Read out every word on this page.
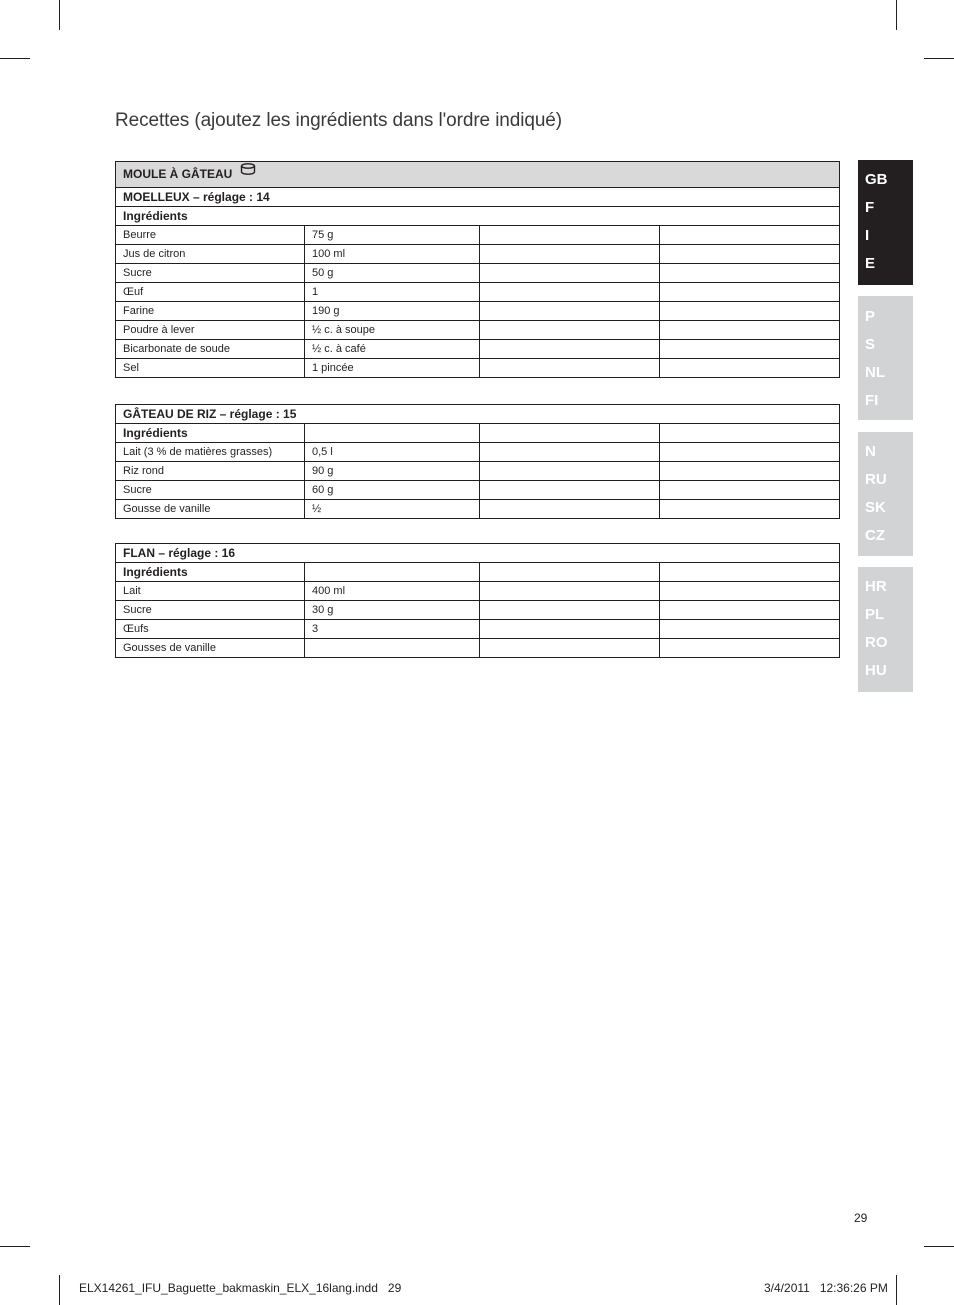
Recettes (ajoutez les ingrédients dans l'ordre indiqué)
MOULE À GÂTEAU			
MOELLEUX – réglage : 14			
Ingrédients			
Beurre	75 g		
Jus de citron	100 ml		
Sucre	50 g		
Œuf	1		
Farine	190 g		
Poudre à lever	½ c. à soupe		
Bicarbonate de soude	½ c. à café		
Sel	1 pincée		
GÂTEAU DE RIZ – réglage : 15			
Ingrédients			
Lait (3 % de matières grasses)	0,5 l		
Riz rond	90 g		
Sucre	60 g		
Gousse de vanille	½		
FLAN – réglage : 16			
Ingrédients			
Lait	400 ml		
Sucre	30 g		
Œufs	3		
Gousses de vanille			
GB
F
I
E
P
S
NL
FI
N
RU
SK
CZ
HR
PL
RO
HU
29
ELX14261_IFU_Baguette_bakmaskin_ELX_16lang.indd   29	3/4/2011   12:36:26 PM
